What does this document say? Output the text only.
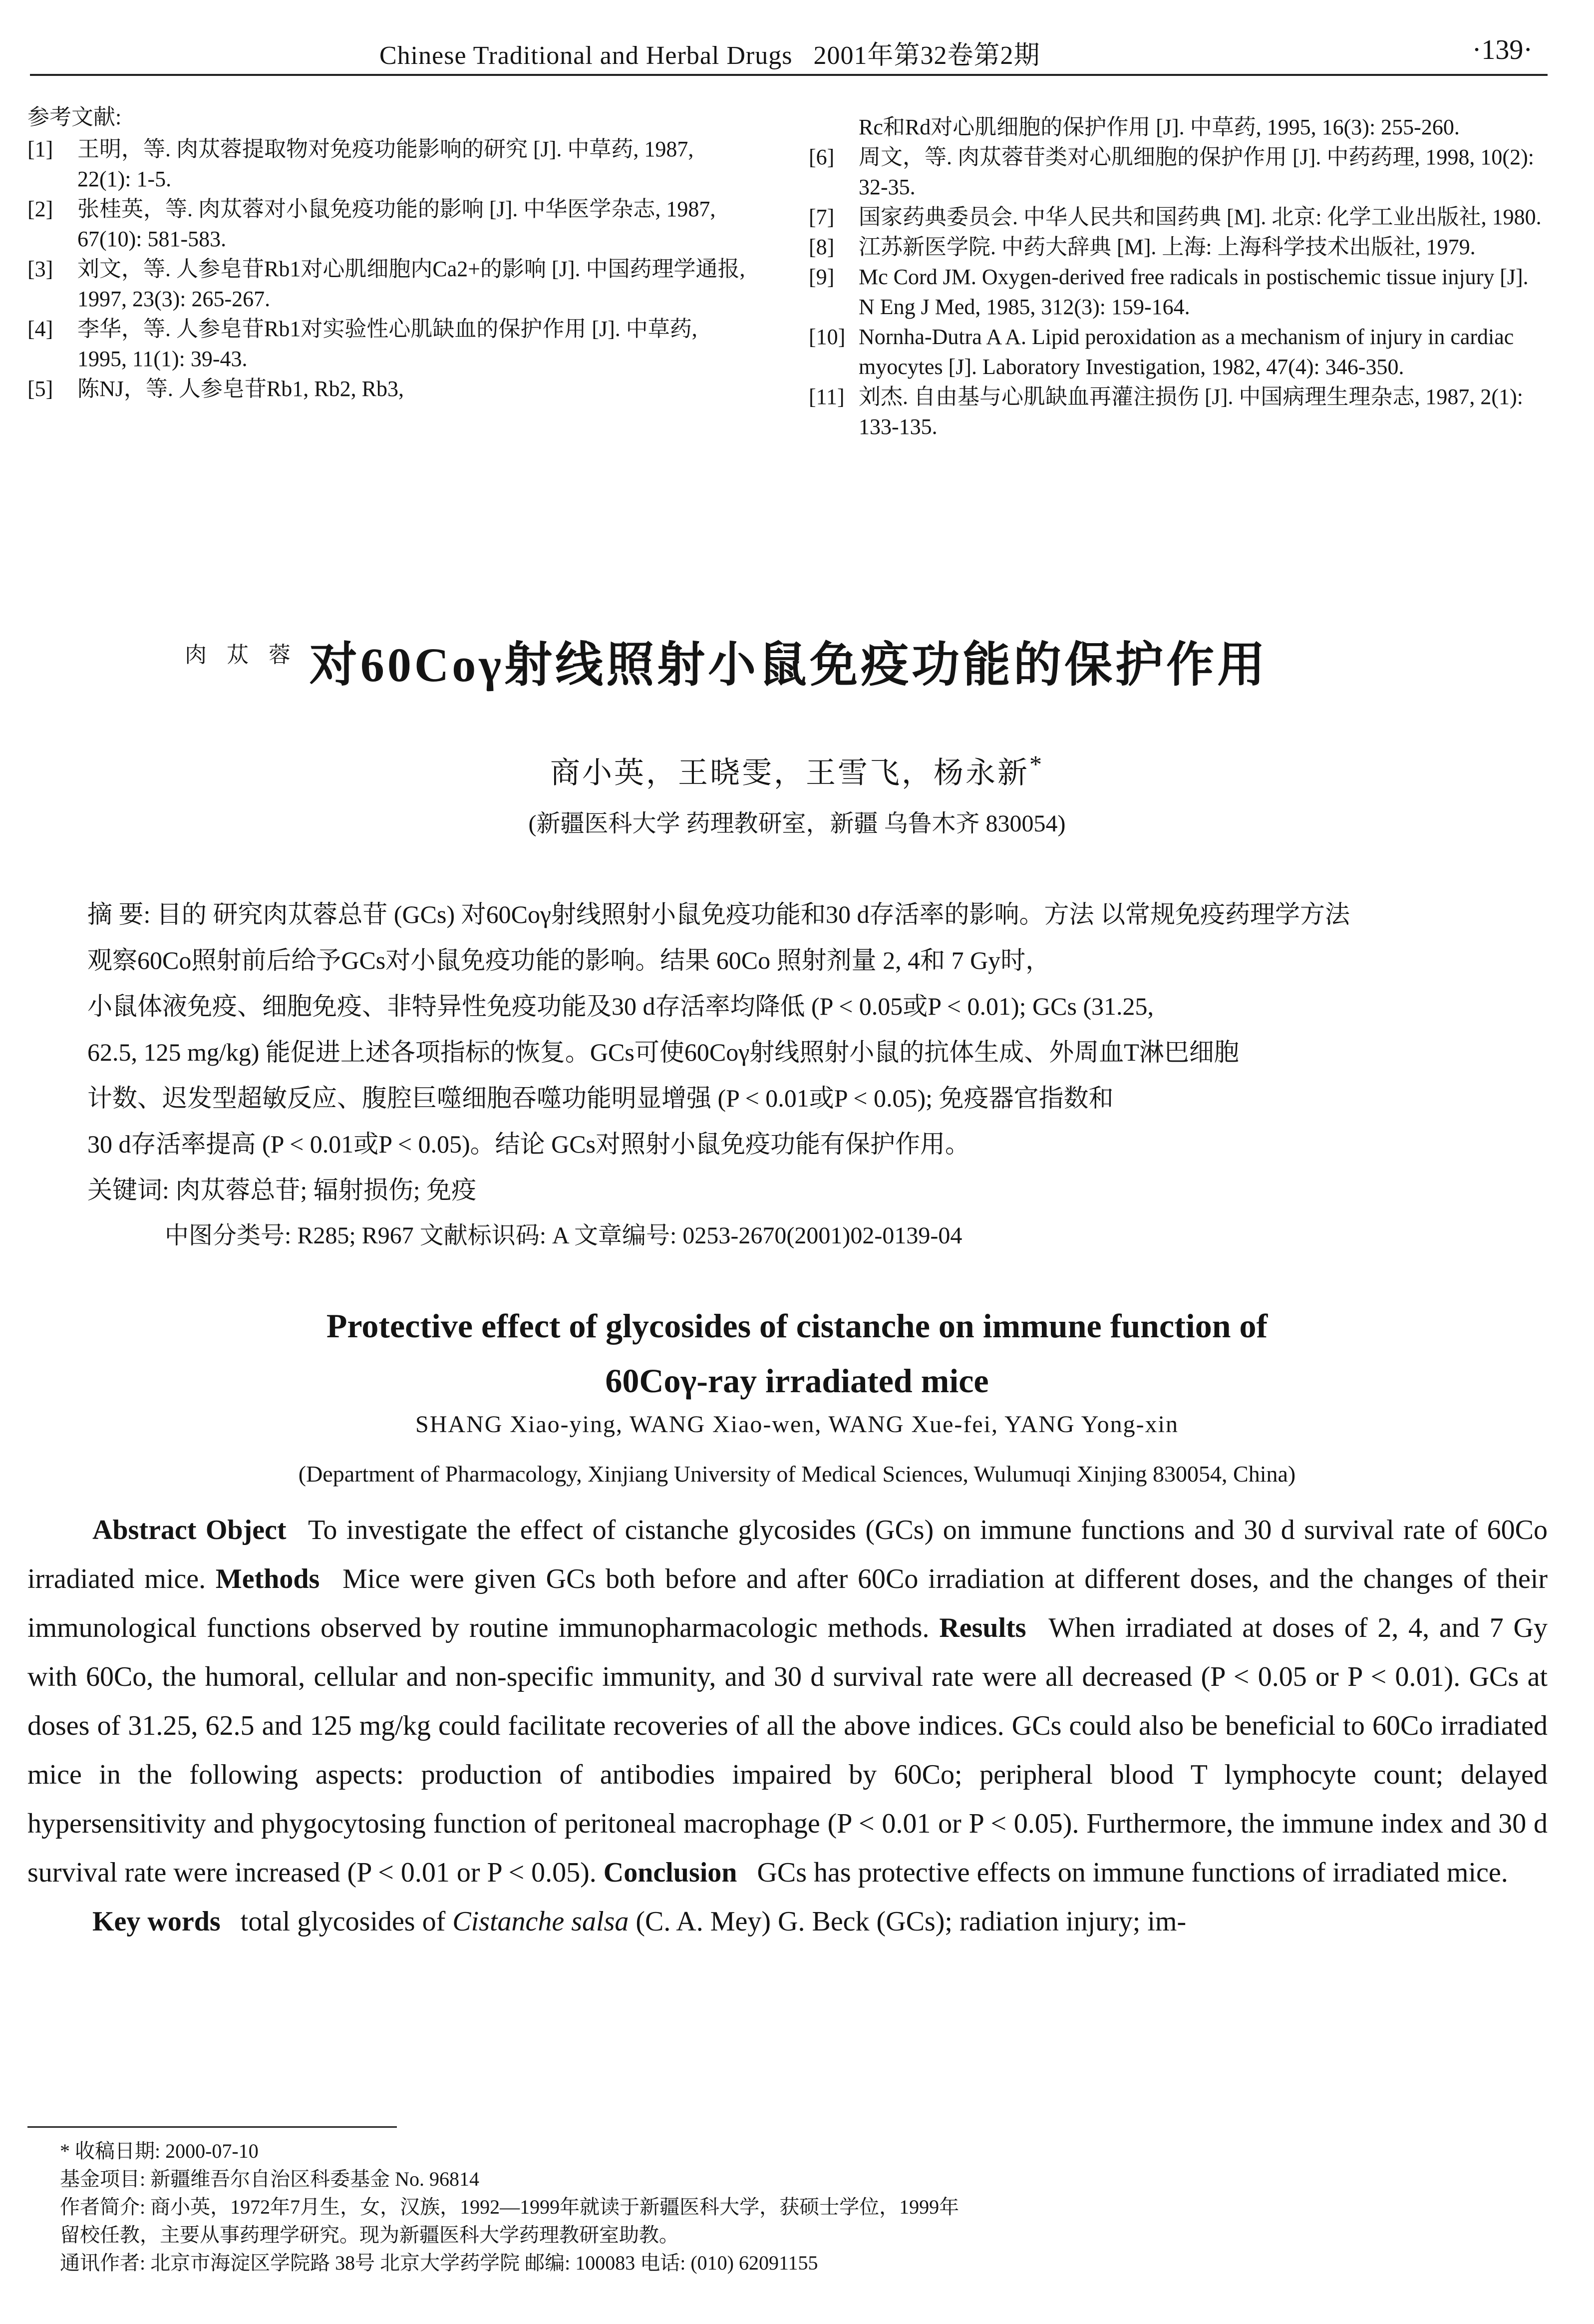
Chinese Traditional and Herbal Drugs 2001年第32卷第2期	·139·
参考文献:
[1]	王明，等. 肉苁蓉提取物对免疫功能影响的研究 [J]. 中草药, 1987, 22(1): 1-5.
[2]	张桂英，等. 肉苁蓉对小鼠免疫功能的影响 [J]. 中华医学杂志, 1987, 67(10): 581-583.
[3]	刘文，等. 人参皂苷Rb1对心肌细胞内Ca2+的影响 [J]. 中国药理学通报, 1997, 23(3): 265-267.
[4]	李华，等. 人参皂苷Rb1对实验性心肌缺血的保护作用 [J]. 中草药, 1995, 11(1): 39-43.
[5]	陈NJ，等. 人参皂苷Rb1, Rb2, Rb3,
Rc和Rd对心肌细胞的保护作用 [J]. 中草药, 1995, 16(3): 255-260.
[6]	周文，等. 肉苁蓉苷类对心肌细胞的保护作用 [J]. 中药药理, 1998, 10(2): 32-35.
[7]	国家药典委员会. 中华人民共和国药典 [M]. 北京: 化学工业出版社, 1980.
[8]	江苏新医学院. 中药大辞典 [M]. 上海: 上海科学技术出版社, 1979.
[9]	Mc Cord JM. Oxygen-derived free radicals in postischemic tissue injury [J]. N Eng J Med, 1985, 312(3): 159-164.
[10] Nornha-Dutra A A. Lipid peroxidation as a mechanism of injury in cardiac myocytes [J]. Laboratory Investigation, 1982, 47(4): 346-350.
[11] 刘杰. 自由基与心肌缺血再灌注损伤 [J]. 中国病理生理杂志, 1987, 2(1): 133-135.
肉苁蓉
对60Coγ射线照射小鼠免疫功能的保护作用
商小英，王晓雯，王雪飞，杨永新*
(新疆医科大学 药理教研室，新疆 乌鲁木齐 830054)

摘 要: 目的 研究肉苁蓉总苷 (GCs) 对60Coγ射线照射小鼠免疫功能和30 d存活率的影响。方法 以常规免疫药理学方法

观察60Co照射前后给予GCs对小鼠免疫功能的影响。结果 60Co 照射剂量 2, 4和 7 Gy时，

小鼠体液免疫、细胞免疫、非特异性免疫功能及30 d存活率均降低 (P < 0.05或P < 0.01); GCs (31.25,

62.5, 125 mg/kg) 能促进上述各项指标的恢复。GCs可使60Coγ射线照射小鼠的抗体生成、外周血T淋巴细胞

计数、迟发型超敏反应、腹腔巨噬细胞吞噬功能明显增强 (P < 0.01或P < 0.05); 免疫器官指数和

30 d存活率提高 (P < 0.01或P < 0.05)。结论 GCs对照射小鼠免疫功能有保护作用。

关键词: 肉苁蓉总苷; 辐射损伤; 免疫

中图分类号: R285; R967 文献标识码: A 文章编号: 0253-2670(2001)02-0139-04
Protective effect of glycosides of cistanche on immune function of
60Coγ-ray irradiated mice
SHANG Xiao-ying, WANG Xiao-wen, WANG Xue-fei, YANG Yong-xin
(Department of Pharmacology, Xinjiang University of Medical Sciences, Wulumuqi Xinjing 830054, China)

Abstract Object To investigate the effect of cistanche glycosides (GCs) on immune functions and 30 d survival rate of 60Co irradiated mice. Methods Mice were given GCs both before and after 60Co irradiation at different doses, and the changes of their immunological functions observed by routine immunopharmacologic methods. Results When irradiated at doses of 2, 4, and 7 Gy with 60Co, the humoral, cellular and non-specific immunity, and 30 d survival rate were all decreased (P < 0.05 or P < 0.01). GCs at doses of 31.25, 62.5 and 125 mg/kg could facilitate recoveries of all the above indices. GCs could also be beneficial to 60Co irradiated mice in the following aspects: production of antibodies impaired by 60Co; peripheral blood T lymphocyte count; delayed hypersensitivity and phygocytosing function of peritoneal macrophage (P < 0.01 or P < 0.05). Furthermore, the immune index and 30 d survival rate were increased (P < 0.01 or P < 0.05). Conclusion GCs has protective effects on immune functions of irradiated mice.

Key words total glycosides of Cistanche salsa (C. A. Mey) G. Beck (GCs); radiation injury; im-

* 收稿日期: 2000-07-10
基金项目: 新疆维吾尔自治区科委基金 No. 96814
作者简介: 商小英，1972年7月生，女，汉族，1992—1999年就读于新疆医科大学，获硕士学位，1999年
留校任教，主要从事药理学研究。现为新疆医科大学药理教研室助教。
通讯作者: 北京市海淀区学院路 38号 北京大学药学院 邮编: 100083 电话: (010) 62091155
